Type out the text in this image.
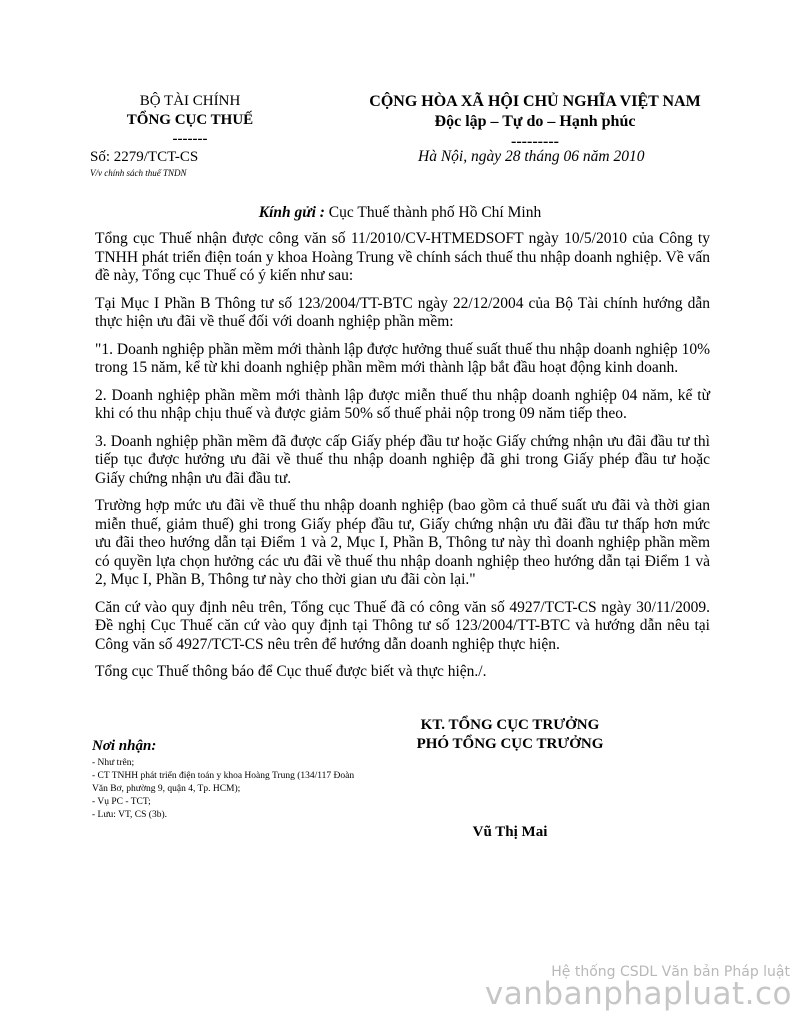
BỘ TÀI CHÍNH
TỔNG CỤC THUẾ
-------
CỘNG HÒA XÃ HỘI CHỦ NGHĨA VIỆT NAM
Độc lập – Tự do – Hạnh phúc
---------
Số: 2279/TCT-CS
V/v chính sách thuế TNDN
Hà Nội, ngày 28 tháng 06 năm 2010
Kính gửi : Cục Thuế thành phố Hồ Chí Minh

Tổng cục Thuế nhận được công văn số 11/2010/CV-HTMEDSOFT ngày 10/5/2010 của Công ty TNHH phát triển điện toán y khoa Hoàng Trung về chính sách thuế thu nhập doanh nghiệp. Về vấn đề này, Tổng cục Thuế có ý kiến như sau:

Tại Mục I Phần B Thông tư số 123/2004/TT-BTC ngày 22/12/2004 của Bộ Tài chính hướng dẫn thực hiện ưu đãi về thuế đối với doanh nghiệp phần mềm:

"1. Doanh nghiệp phần mềm mới thành lập được hưởng thuế suất thuế thu nhập doanh nghiệp 10% trong 15 năm, kể từ khi doanh nghiệp phần mềm mới thành lập bắt đầu hoạt động kinh doanh.

2. Doanh nghiệp phần mềm mới thành lập được miễn thuế thu nhập doanh nghiệp 04 năm, kể từ khi có thu nhập chịu thuế và được giảm 50% số thuế phải nộp trong 09 năm tiếp theo.

3. Doanh nghiệp phần mềm đã được cấp Giấy phép đầu tư hoặc Giấy chứng nhận ưu đãi đầu tư thì tiếp tục được hưởng ưu đãi về thuế thu nhập doanh nghiệp đã ghi trong Giấy phép đầu tư hoặc Giấy chứng nhận ưu đãi đầu tư.

Trường hợp mức ưu đãi về thuế thu nhập doanh nghiệp (bao gồm cả thuế suất ưu đãi và thời gian miễn thuế, giảm thuế) ghi trong Giấy phép đầu tư, Giấy chứng nhận ưu đãi đầu tư thấp hơn mức ưu đãi theo hướng dẫn tại Điểm 1 và 2, Mục I, Phần B, Thông tư này thì doanh nghiệp phần mềm có quyền lựa chọn hưởng các ưu đãi về thuế thu nhập doanh nghiệp theo hướng dẫn tại Điểm 1 và 2, Mục I, Phần B, Thông tư này cho thời gian ưu đãi còn lại."

Căn cứ vào quy định nêu trên, Tổng cục Thuế đã có công văn số 4927/TCT-CS ngày 30/11/2009. Đề nghị Cục Thuế căn cứ vào quy định tại Thông tư số 123/2004/TT-BTC và hướng dẫn nêu tại Công văn số 4927/TCT-CS nêu trên để hướng dẫn doanh nghiệp thực hiện.

Tổng cục Thuế thông báo để Cục thuế được biết và thực hiện./.

KT. TỔNG CỤC TRƯỞNG
PHÓ TỔNG CỤC TRƯỞNG
Vũ Thị Mai
Nơi nhận:
- Như trên;
- CT TNHH phát triển điện toán y khoa Hoàng Trung (134/117 Đoàn Văn Bơ, phường 9, quận 4, Tp. HCM);
- Vụ PC - TCT;
- Lưu: VT, CS (3b).
Hệ thống CSDL Văn bản Pháp luật
vanbanphapluat.co
